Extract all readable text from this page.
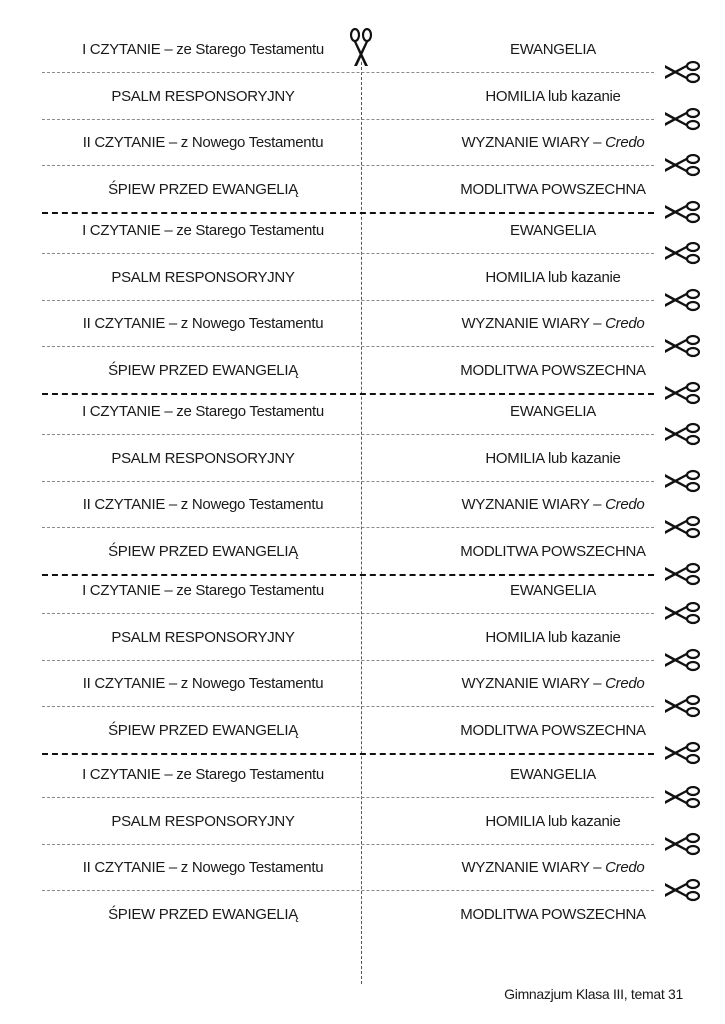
I CZYTANIE – ze Starego Testamentu	EWANGELIA
PSALM RESPONSORYJNY	HOMILIA lub kazanie
II CZYTANIE – z Nowego Testamentu	WYZNANIE WIARY – Credo
ŚPIEW PRZED EWANGELIĄ	MODLITWA POWSZECHNA
I CZYTANIE – ze Starego Testamentu	EWANGELIA
PSALM RESPONSORYJNY	HOMILIA lub kazanie
II CZYTANIE – z Nowego Testamentu	WYZNANIE WIARY – Credo
ŚPIEW PRZED EWANGELIĄ	MODLITWA POWSZECHNA
I CZYTANIE – ze Starego Testamentu	EWANGELIA
PSALM RESPONSORYJNY	HOMILIA lub kazanie
II CZYTANIE – z Nowego Testamentu	WYZNANIE WIARY – Credo
ŚPIEW PRZED EWANGELIĄ	MODLITWA POWSZECHNA
I CZYTANIE – ze Starego Testamentu	EWANGELIA
PSALM RESPONSORYJNY	HOMILIA lub kazanie
II CZYTANIE – z Nowego Testamentu	WYZNANIE WIARY – Credo
ŚPIEW PRZED EWANGELIĄ	MODLITWA POWSZECHNA
I CZYTANIE – ze Starego Testamentu	EWANGELIA
PSALM RESPONSORYJNY	HOMILIA lub kazanie
II CZYTANIE – z Nowego Testamentu	WYZNANIE WIARY – Credo
ŚPIEW PRZED EWANGELIĄ	MODLITWA POWSZECHNA
Gimnazjum Klasa III, temat 31
